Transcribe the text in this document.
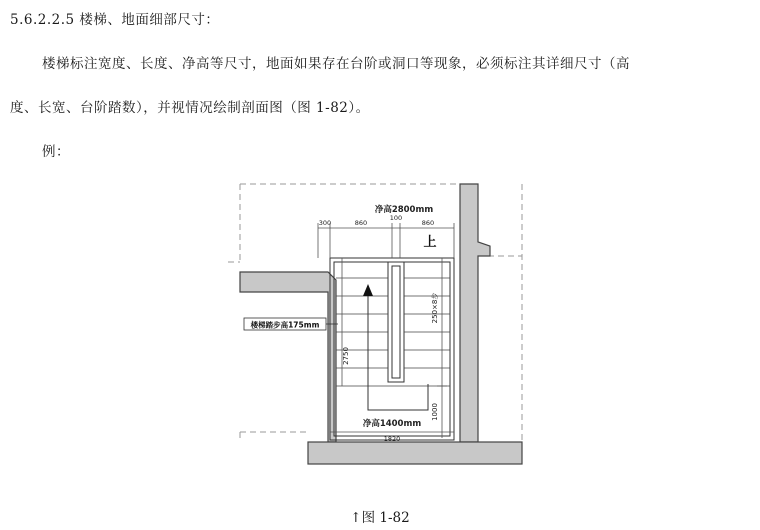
5.6.2.2.5 楼梯、地面细部尺寸：
楼梯标注宽度、长度、净高等尺寸，地面如果存在台阶或洞口等现象，必须标注其详细尺寸（高
度、长宽、台阶踏数），并视情况绘制剖面图（图 1-82）。
例：
净高2800mm
300	860
100
860
上
楼梯踏步高175mm
2750
250×8步
1000
净高1400mm
1820
↑图 1-82
